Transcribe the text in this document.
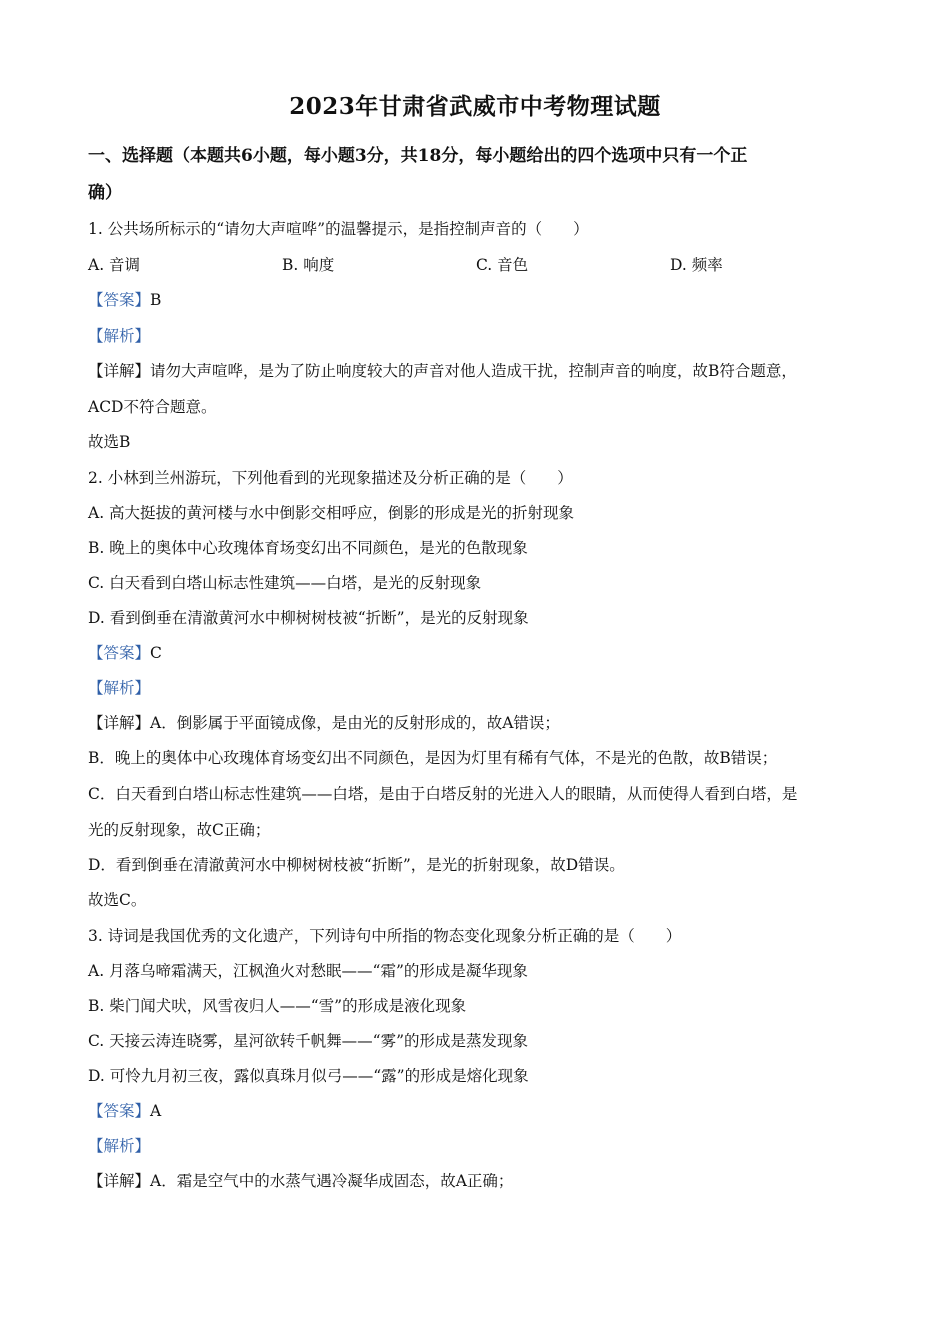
2023年甘肃省武威市中考物理试题
一、选择题（本题共6小题，每小题3分，共18分，每小题给出的四个选项中只有一个正
确）
1. 公共场所标示的“请勿大声喧哗”的温馨提示，是指控制声音的（　　）
A. 音调	B. 响度	C. 音色	D. 频率
【答案】B
【解析】
【详解】请勿大声喧哗，是为了防止响度较大的声音对他人造成干扰，控制声音的响度，故B符合题意，
ACD不符合题意。
故选B
2. 小林到兰州游玩，下列他看到的光现象描述及分析正确的是（　　）
A. 高大挺拔的黄河楼与水中倒影交相呼应，倒影的形成是光的折射现象
B. 晚上的奥体中心玫瑰体育场变幻出不同颜色，是光的色散现象
C. 白天看到白塔山标志性建筑——白塔，是光的反射现象
D. 看到倒垂在清澈黄河水中柳树树枝被“折断”，是光的反射现象
【答案】C
【解析】
【详解】A．倒影属于平面镜成像，是由光的反射形成的，故A错误；
B．晚上的奥体中心玫瑰体育场变幻出不同颜色，是因为灯里有稀有气体，不是光的色散，故B错误；
C．白天看到白塔山标志性建筑——白塔，是由于白塔反射的光进入人的眼睛，从而使得人看到白塔，是
光的反射现象，故C正确；
D．看到倒垂在清澈黄河水中柳树树枝被“折断”，是光的折射现象，故D错误。
故选C。
3. 诗词是我国优秀的文化遗产，下列诗句中所指的物态变化现象分析正确的是（　　）
A. 月落乌啼霜满天，江枫渔火对愁眠——“霜”的形成是凝华现象
B. 柴门闻犬吠，风雪夜归人——“雪”的形成是液化现象
C. 天接云涛连晓雾，星河欲转千帆舞——“雾”的形成是蒸发现象
D. 可怜九月初三夜，露似真珠月似弓——“露”的形成是熔化现象
【答案】A
【解析】
【详解】A．霜是空气中的水蒸气遇冷凝华成固态，故A正确；
